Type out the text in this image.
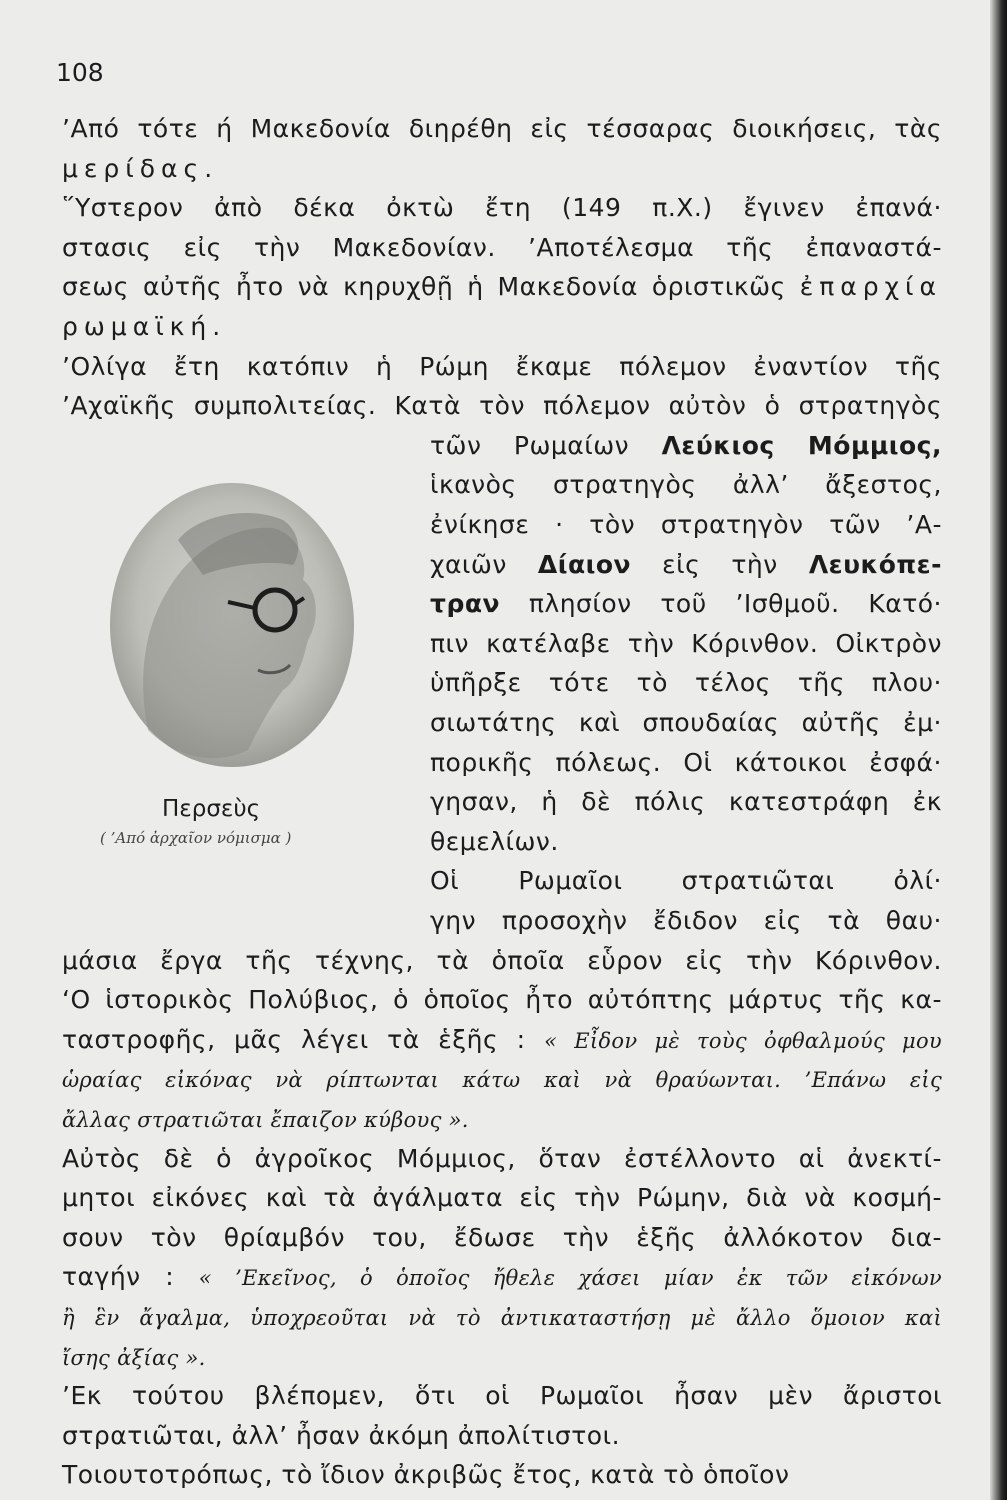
108
’Από τότε ή Μακεδονία διηρέθη εἰς τέσσαρας διοικήσεις, τὰς
μερίδας.
῞Υστερον ἀπὸ δέκα ὀκτὼ ἔτη (149 π.Χ.) ἔγινεν ἐπανά·
στασις εἰς τὴν Μακεδονίαν. ’Αποτέλεσμα τῆς ἐπαναστά-
σεως αὐτῆς ἦτο νὰ κηρυχθῇ ἡ Μακεδονία ὁριστικῶς ἐπαρχία
ρωμαϊκή.
’Ολίγα ἔτη κατόπιν ἡ Ρώμη ἔκαμε πόλεμον ἐναντίον τῆς
’Αχαϊκῆς συμπολιτείας. Κατὰ τὸν πόλεμον αὐτὸν ὁ στρατηγὸς
τῶν Ρωμαίων Λεύκιος Μόμμιος,
ἱκανὸς στρατηγὸς ἀλλ’ ἄξεστος,
ἐνίκησε · τὸν στρατηγὸν τῶν ’Α-
χαιῶν Δίαιον εἰς τὴν Λευκόπε-
τραν πλησίον τοῦ ’Ισθμοῦ. Κατό·
πιν κατέλαβε τὴν Κόρινθον. Οἰκτρὸν
ὑπῆρξε τότε τὸ τέλος τῆς πλου·
σιωτάτης καὶ σπουδαίας αὐτῆς ἐμ·
πορικῆς πόλεως. Οἱ κάτοικοι ἐσφά·
γησαν, ἡ δὲ πόλις κατεστράφη ἐκ
θεμελίων.
Οἱ Ρωμαῖοι στρατιῶται ὀλί·
γην προσοχὴν ἔδιδον εἰς τὰ θαυ·
μάσια ἔργα τῆς τέχνης, τὰ ὁποῖα εὗρον εἰς τὴν Κόρινθον.
‘Ο ἱστορικὸς Πολύβιος, ὁ ὁποῖος ἦτο αὐτόπτης μάρτυς τῆς κα-
ταστροφῆς, μᾶς λέγει τὰ ἑξῆς : « Εἶδον μὲ τοὺς ὀφθαλμούς μου
ὡραίας εἰκόνας νὰ ρίπτωνται κάτω καὶ νὰ θραύωνται. ’Επάνω εἰς
ἄλλας στρατιῶται ἔπαιζον κύβους ».
Αὐτὸς δὲ ὁ ἀγροῖκος Μόμμιος, ὅταν ἐστέλλοντο αἱ ἀνεκτί-
μητοι εἰκόνες καὶ τὰ ἀγάλματα εἰς τὴν Ρώμην, διὰ νὰ κοσμή-
σουν τὸν θρίαμβόν του, ἔδωσε τὴν ἑξῆς ἀλλόκοτον δια-
ταγήν : « ’Εκεῖνος, ὁ ὁποῖος ἤθελε χάσει μίαν ἐκ τῶν εἰκόνων
ἢ ἓν ἄγαλμα, ὑποχρεοῦται νὰ τὸ ἀντικαταστήσῃ μὲ ἄλλο ὅμοιον καὶ
ἴσης ἀξίας ».
’Εκ τούτου βλέπομεν, ὅτι οἱ Ρωμαῖοι ἦσαν μὲν ἄριστοι
στρατιῶται, ἀλλ’ ἦσαν ἀκόμη ἀπολίτιστοι.
Τοιουτοτρόπως, τὸ ἴδιον ἀκριβῶς ἔτος, κατὰ τὸ ὁποῖον
Περσεὺς
( ’Από ἀρχαῖον νόμισμα )
